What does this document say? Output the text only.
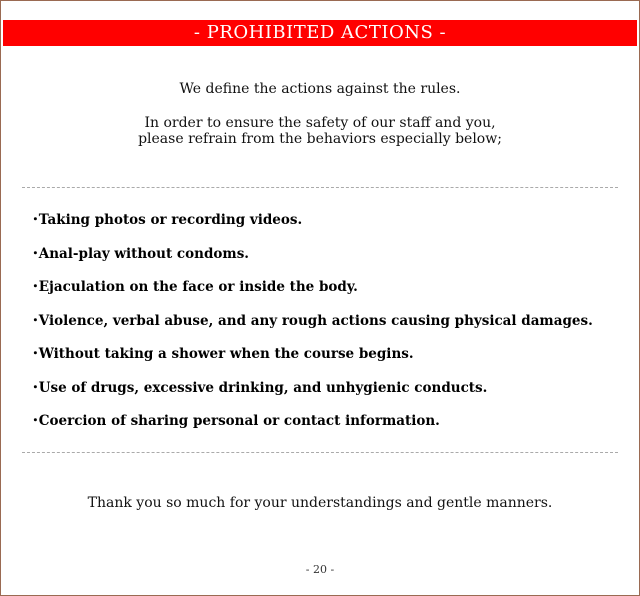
- PROHIBITED ACTIONS -
We define the actions against the rules.
In order to ensure the safety of our staff and you,
please refrain from the behaviors especially below;
･Taking photos or recording videos.
･Anal-play without condoms.
･Ejaculation on the face or inside the body.
･Violence, verbal abuse, and any rough actions causing physical damages.
･Without taking a shower when the course begins.
･Use of drugs, excessive drinking, and unhygienic conducts.
･Coercion of sharing personal or contact information.
Thank you so much for your understandings and gentle manners.
- 20 -
